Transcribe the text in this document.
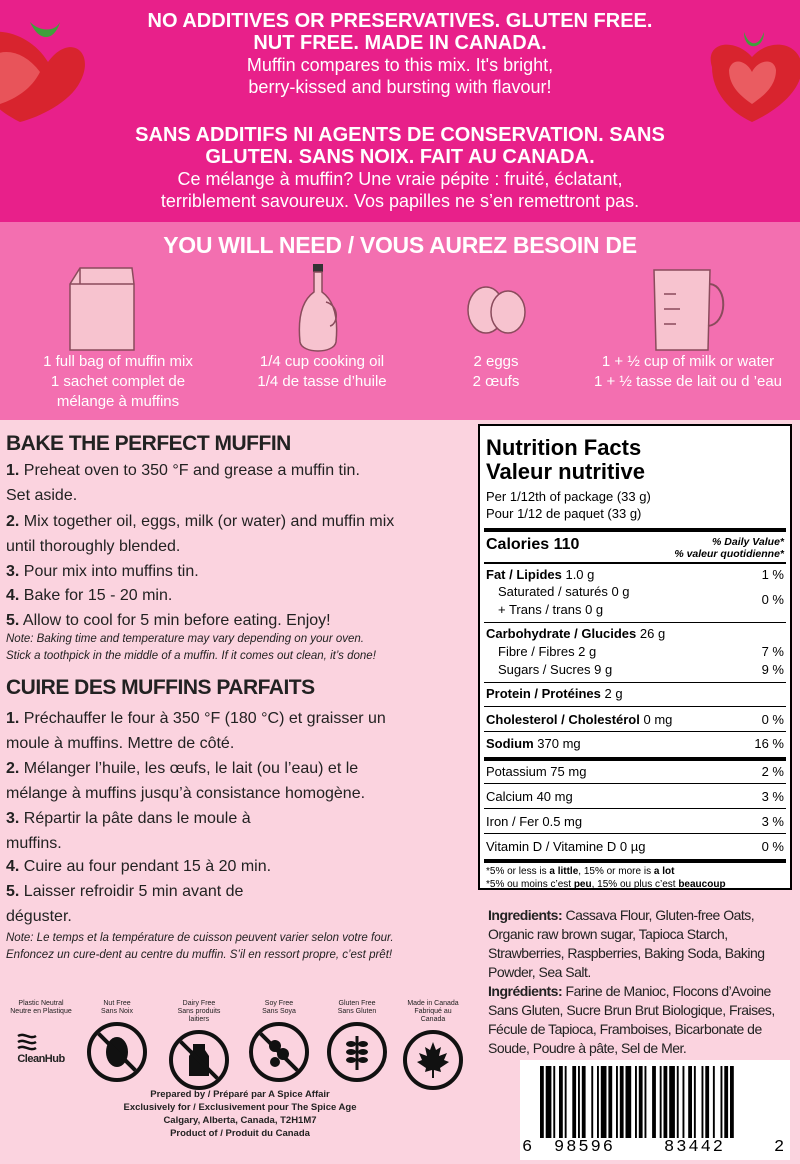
NO ADDITIVES OR PRESERVATIVES. GLUTEN FREE.
NUT FREE. MADE IN CANADA.
Muffin compares to this mix. It's bright,
berry-kissed and bursting with flavour!
SANS ADDITIFS NI AGENTS DE CONSERVATION. SANS
GLUTEN. SANS NOIX. FAIT AU CANADA.
Ce mélange à muffin? Une vraie pépite : fruité, éclatant,
terriblement savoureux. Vos papilles ne s’en remettront pas.
YOU WILL NEED / VOUS AUREZ BESOIN DE
1 full bag of muffin mix
1 sachet complet de
mélange à muffins
1/4 cup cooking oil
1/4 de tasse d’huile
2 eggs
2 œufs
1 + ½ cup of milk or water
1 + ½ tasse de lait ou d ’eau
BAKE THE PERFECT MUFFIN
1. Preheat oven to 350 °F and grease a muffin tin.
Set aside.
2. Mix together oil, eggs, milk (or water) and muffin mix
until thoroughly blended.
3. Pour mix into muffins tin.
4. Bake for 15 - 20 min.
5. Allow to cool for 5 min before eating. Enjoy!
Note: Baking time and temperature may vary depending on your oven.
Stick a toothpick in the middle of a muffin. If it comes out clean, it’s done!
CUIRE DES MUFFINS PARFAITS
1. Préchauffer le four à 350 °F (180 °C) et graisser un
moule à muffins. Mettre de côté.
2. Mélanger l’huile, les œufs, le lait (ou l’eau) et le
mélange à muffins jusqu’à consistance homogène.
3. Répartir la pâte dans le moule à
muffins.
4. Cuire au four pendant 15 à 20 min.
5. Laisser refroidir 5 min avant de
déguster.
Note: Le temps et la température de cuisson peuvent varier selon votre four.
Enfoncez un cure-dent au centre du muffin. S’il en ressort propre, c’est prêt!
Plastic Neutral
Neutre en Plastique
CleanHub
Nut Free
Sans Noix
Dairy Free
Sans produits laitiers
Soy Free
Sans Soya
Gluten Free
Sans Gluten
Made in Canada
Fabriqué au Canada
Prepared by / Préparé par A Spice Affair
Exclusively for / Exclusivement pour The Spice Age
Calgary, Alberta, Canada, T2H1M7
Product of / Produit du Canada
Nutrition Facts
Valeur nutritive
Per 1/12th of package (33 g)
Pour 1/12 de paquet (33 g)
Calories 110	% Daily Value*
% valeur quotidienne*
Fat / Lipides 1.0 g	1 %
Saturated / saturés 0 g
+ Trans / trans 0 g
0 %
Carbohydrate / Glucides 26 g
Fibre / Fibres 2 g	7 %
Sugars / Sucres 9 g	9 %
Protein / Protéines 2 g
Cholesterol / Cholestérol 0 mg	0 %
Sodium 370 mg	16 %
Potassium 75 mg	2 %
Calcium 40 mg	3 %
Iron / Fer 0.5 mg	3 %
Vitamin D / Vitamine D 0 µg	0 %
*5% or less is a little, 15% or more is a lot
*5% ou moins c’est peu, 15% ou plus c’est beaucoup
Ingredients: Cassava Flour, Gluten-free Oats, Organic raw brown sugar, Tapioca Starch, Strawberries, Raspberries, Baking Soda, Baking Powder, Sea Salt.
Ingrédients: Farine de Manioc, Flocons d’Avoine Sans Gluten, Sucre Brun Brut Biologique, Fraises, Fécule de Tapioca, Framboises, Bicarbonate de Soude, Poudre à pâte, Sel de Mer.
6 98596	83442	2
